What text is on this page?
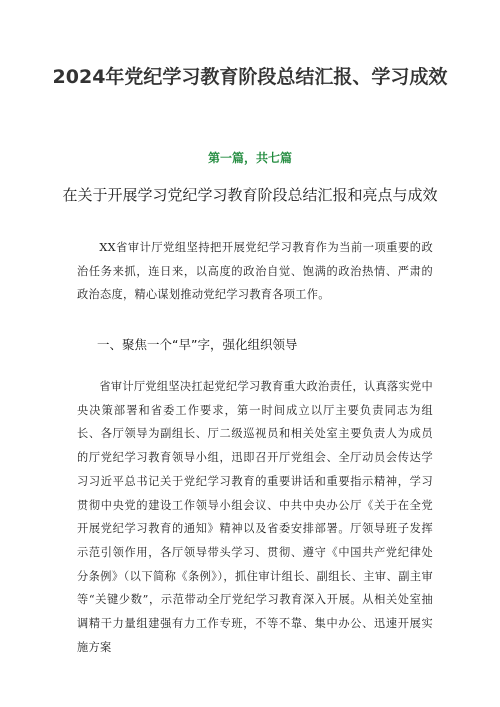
2024年党纪学习教育阶段总结汇报、学习成效
第一篇，共七篇
在关于开展学习党纪学习教育阶段总结汇报和亮点与成效
XX省审计厅党组坚持把开展党纪学习教育作为当前一项重要的政治任务来抓，连日来，以高度的政治自觉、饱满的政治热情、严肃的政治态度，精心谋划推动党纪学习教育各项工作。
一、聚焦一个“早”字，强化组织领导
省审计厅党组坚决扛起党纪学习教育重大政治责任，认真落实党中央决策部署和省委工作要求，第一时间成立以厅主要负责同志为组长、各厅领导为副组长、厅二级巡视员和相关处室主要负责人为成员的厅党纪学习教育领导小组，迅即召开厅党组会、全厅动员会传达学习习近平总书记关于党纪学习教育的重要讲话和重要指示精神，学习贯彻中央党的建设工作领导小组会议、中共中央办公厅《关于在全党开展党纪学习教育的通知》精神以及省委安排部署。厅领导班子发挥示范引领作用，各厅领导带头学习、贯彻、遵守《中国共产党纪律处分条例》（以下简称《条例》），抓住审计组长、副组长、主审、副主审等“关键少数”，示范带动全厅党纪学习教育深入开展。从相关处室抽调精干力量组建强有力工作专班，不等不靠、集中办公、迅速开展实施方案
